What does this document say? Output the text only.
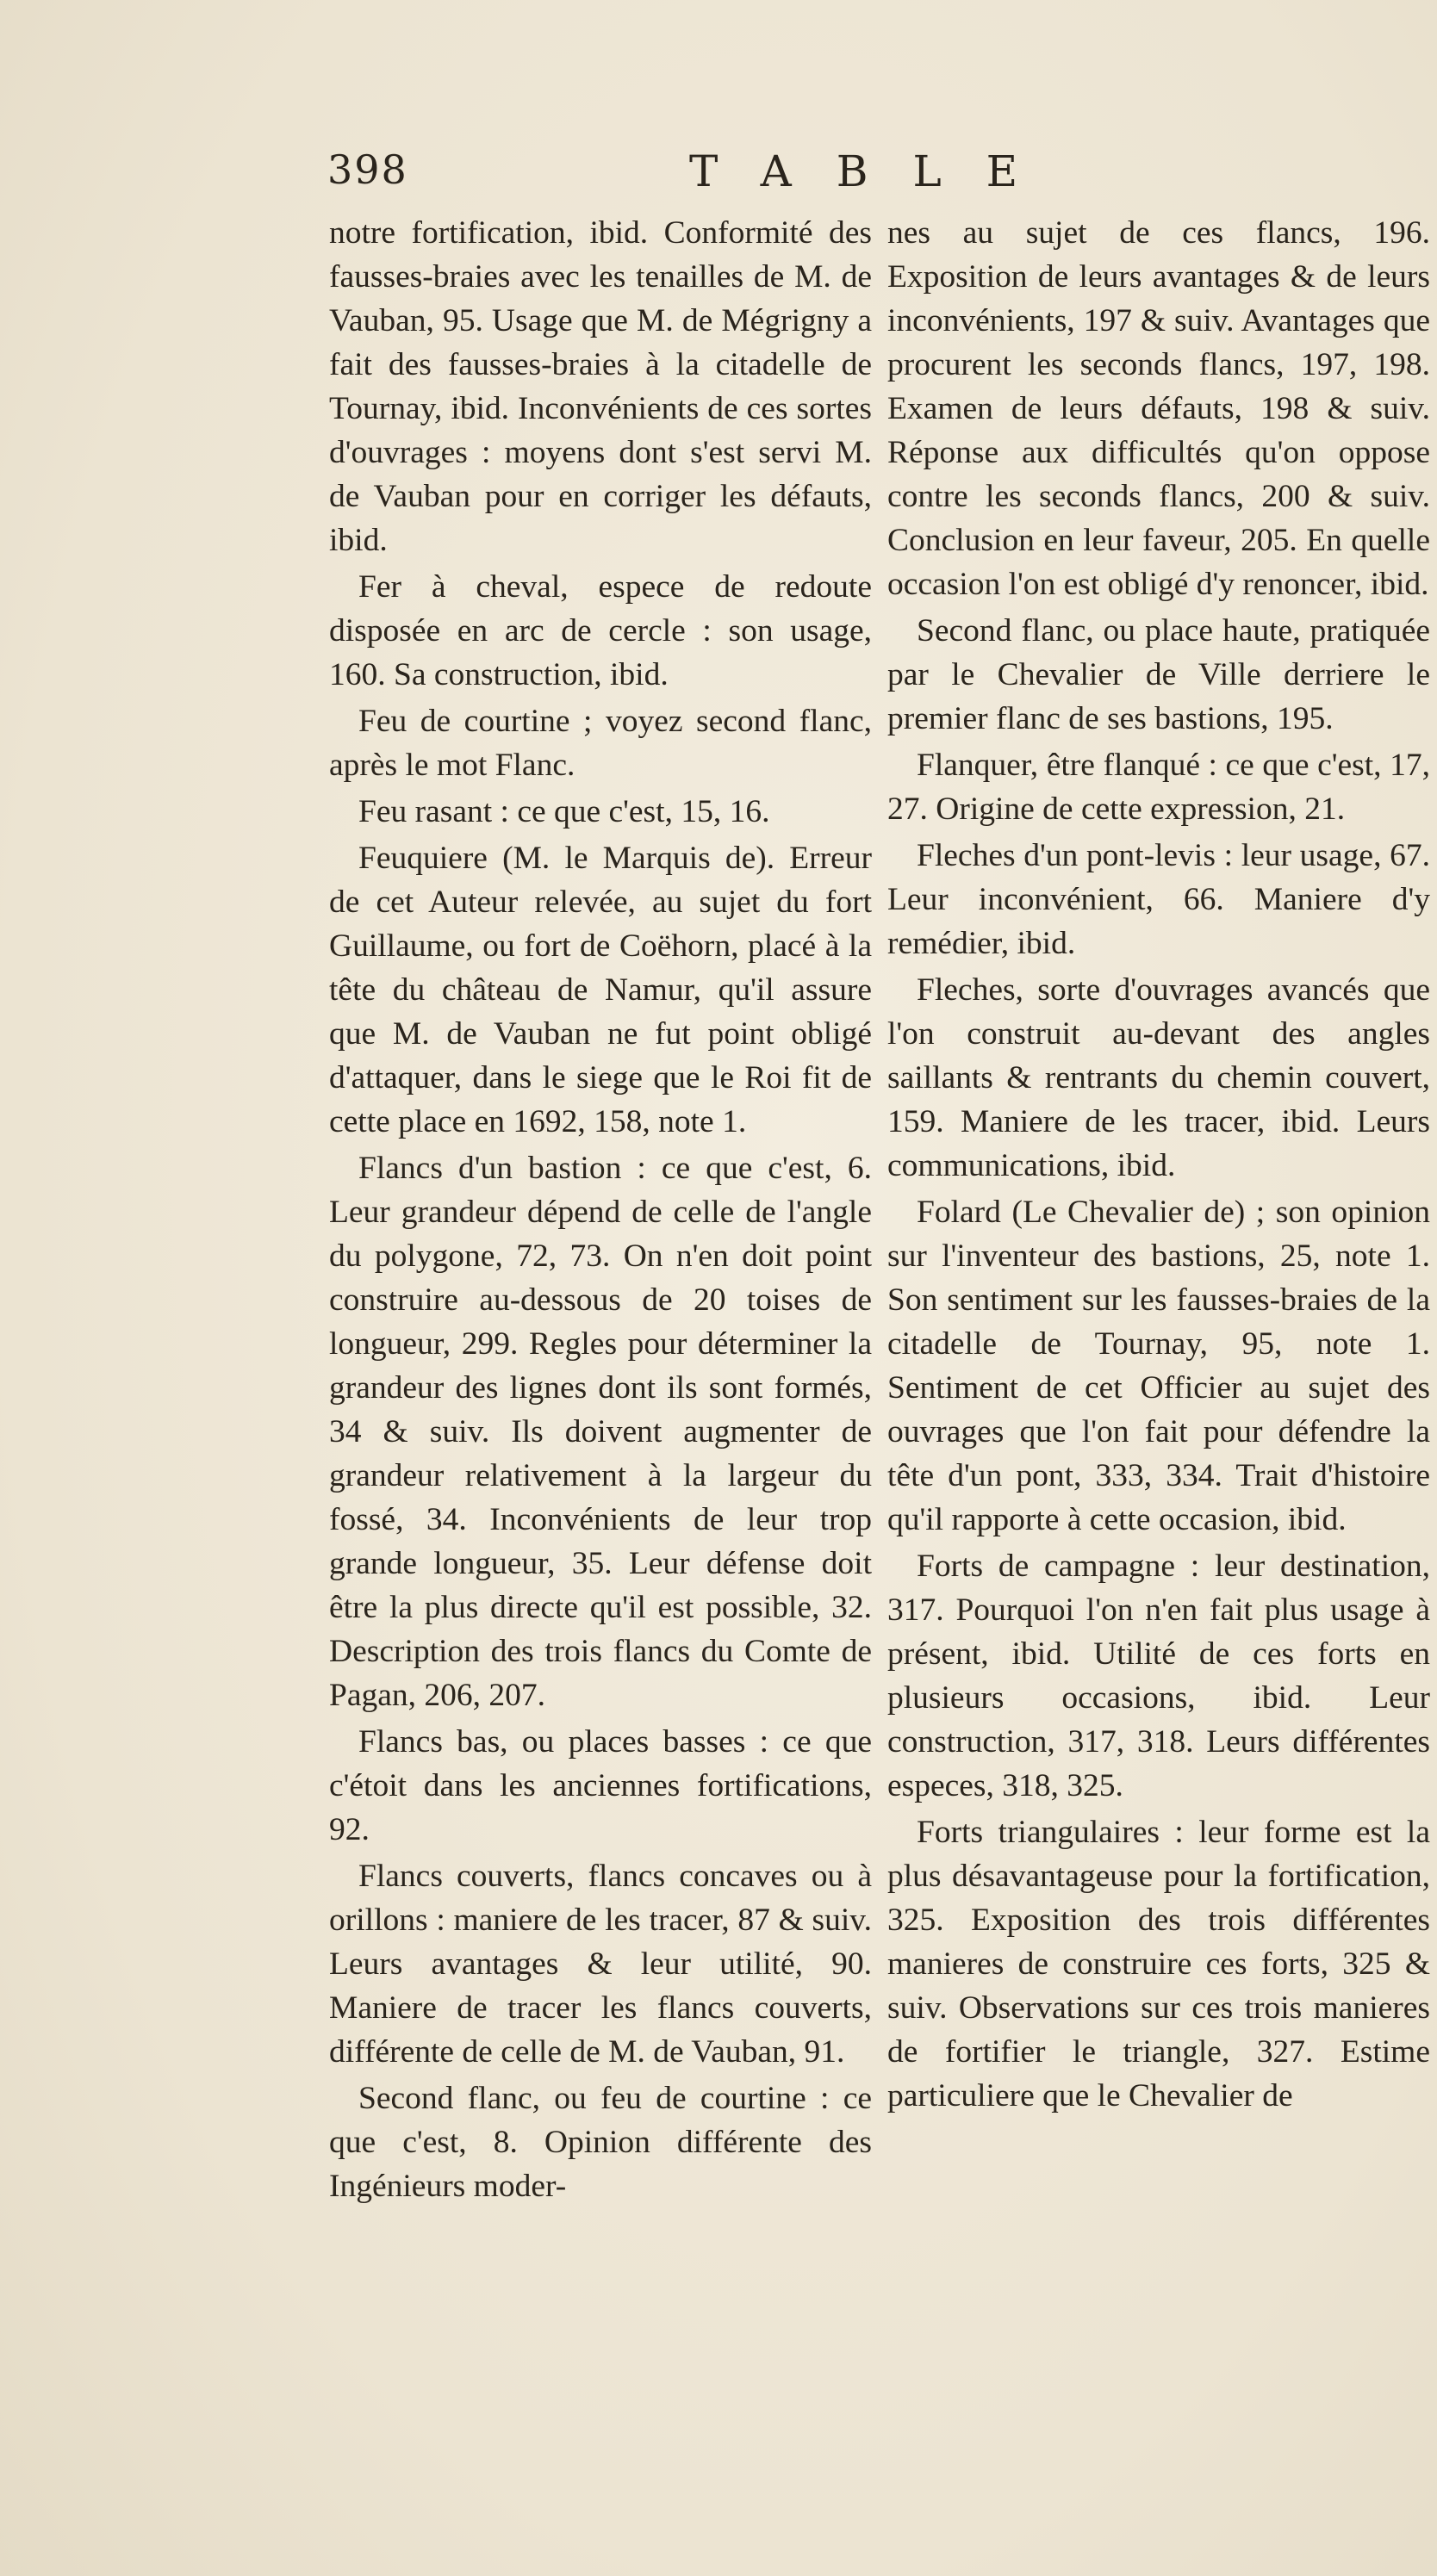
398	TABLE

notre fortification, ibid. Conformité des fausses-braies avec les tenailles de M. de Vauban, 95. Usage que M. de Mégrigny a fait des fausses-braies à la citadelle de Tournay, ibid. Inconvénients de ces sortes d'ouvrages : moyens dont s'est servi M. de Vauban pour en corriger les défauts, ibid.

Fer à cheval, espece de redoute disposée en arc de cercle : son usage, 160. Sa construction, ibid.

Feu de courtine ; voyez second flanc, après le mot Flanc.

Feu rasant : ce que c'est, 15, 16.

Feuquiere (M. le Marquis de). Erreur de cet Auteur relevée, au sujet du fort Guillaume, ou fort de Coëhorn, placé à la tête du château de Namur, qu'il assure que M. de Vauban ne fut point obligé d'attaquer, dans le siege que le Roi fit de cette place en 1692, 158, note 1.

Flancs d'un bastion : ce que c'est, 6. Leur grandeur dépend de celle de l'angle du polygone, 72, 73. On n'en doit point construire au-dessous de 20 toises de longueur, 299. Regles pour déterminer la grandeur des lignes dont ils sont formés, 34 & suiv. Ils doivent augmenter de grandeur relativement à la largeur du fossé, 34. Inconvénients de leur trop grande longueur, 35. Leur défense doit être la plus directe qu'il est possible, 32. Description des trois flancs du Comte de Pagan, 206, 207.

Flancs bas, ou places basses : ce que c'étoit dans les anciennes fortifications, 92.

Flancs couverts, flancs concaves ou à orillons : maniere de les tracer, 87 & suiv. Leurs avantages & leur utilité, 90. Maniere de tracer les flancs couverts, différente de celle de M. de Vauban, 91.

Second flanc, ou feu de courtine : ce que c'est, 8. Opinion différente des Ingénieurs moder-

nes au sujet de ces flancs, 196. Exposition de leurs avantages & de leurs inconvénients, 197 & suiv. Avantages que procurent les seconds flancs, 197, 198. Examen de leurs défauts, 198 & suiv. Réponse aux difficultés qu'on oppose contre les seconds flancs, 200 & suiv. Conclusion en leur faveur, 205. En quelle occasion l'on est obligé d'y renoncer, ibid.

Second flanc, ou place haute, pratiquée par le Chevalier de Ville derriere le premier flanc de ses bastions, 195.

Flanquer, être flanqué : ce que c'est, 17, 27. Origine de cette expression, 21.

Fleches d'un pont-levis : leur usage, 67. Leur inconvénient, 66. Maniere d'y remédier, ibid.

Fleches, sorte d'ouvrages avancés que l'on construit au-devant des angles saillants & rentrants du chemin couvert, 159. Maniere de les tracer, ibid. Leurs communications, ibid.

Folard (Le Chevalier de) ; son opinion sur l'inventeur des bastions, 25, note 1. Son sentiment sur les fausses-braies de la citadelle de Tournay, 95, note 1. Sentiment de cet Officier au sujet des ouvrages que l'on fait pour défendre la tête d'un pont, 333, 334. Trait d'histoire qu'il rapporte à cette occasion, ibid.

Forts de campagne : leur destination, 317. Pourquoi l'on n'en fait plus usage à présent, ibid. Utilité de ces forts en plusieurs occasions, ibid. Leur construction, 317, 318. Leurs différentes especes, 318, 325.

Forts triangulaires : leur forme est la plus désavantageuse pour la fortification, 325. Exposition des trois différentes manieres de construire ces forts, 325 & suiv. Observations sur ces trois manieres de fortifier le triangle, 327. Estime particuliere que le Chevalier de
